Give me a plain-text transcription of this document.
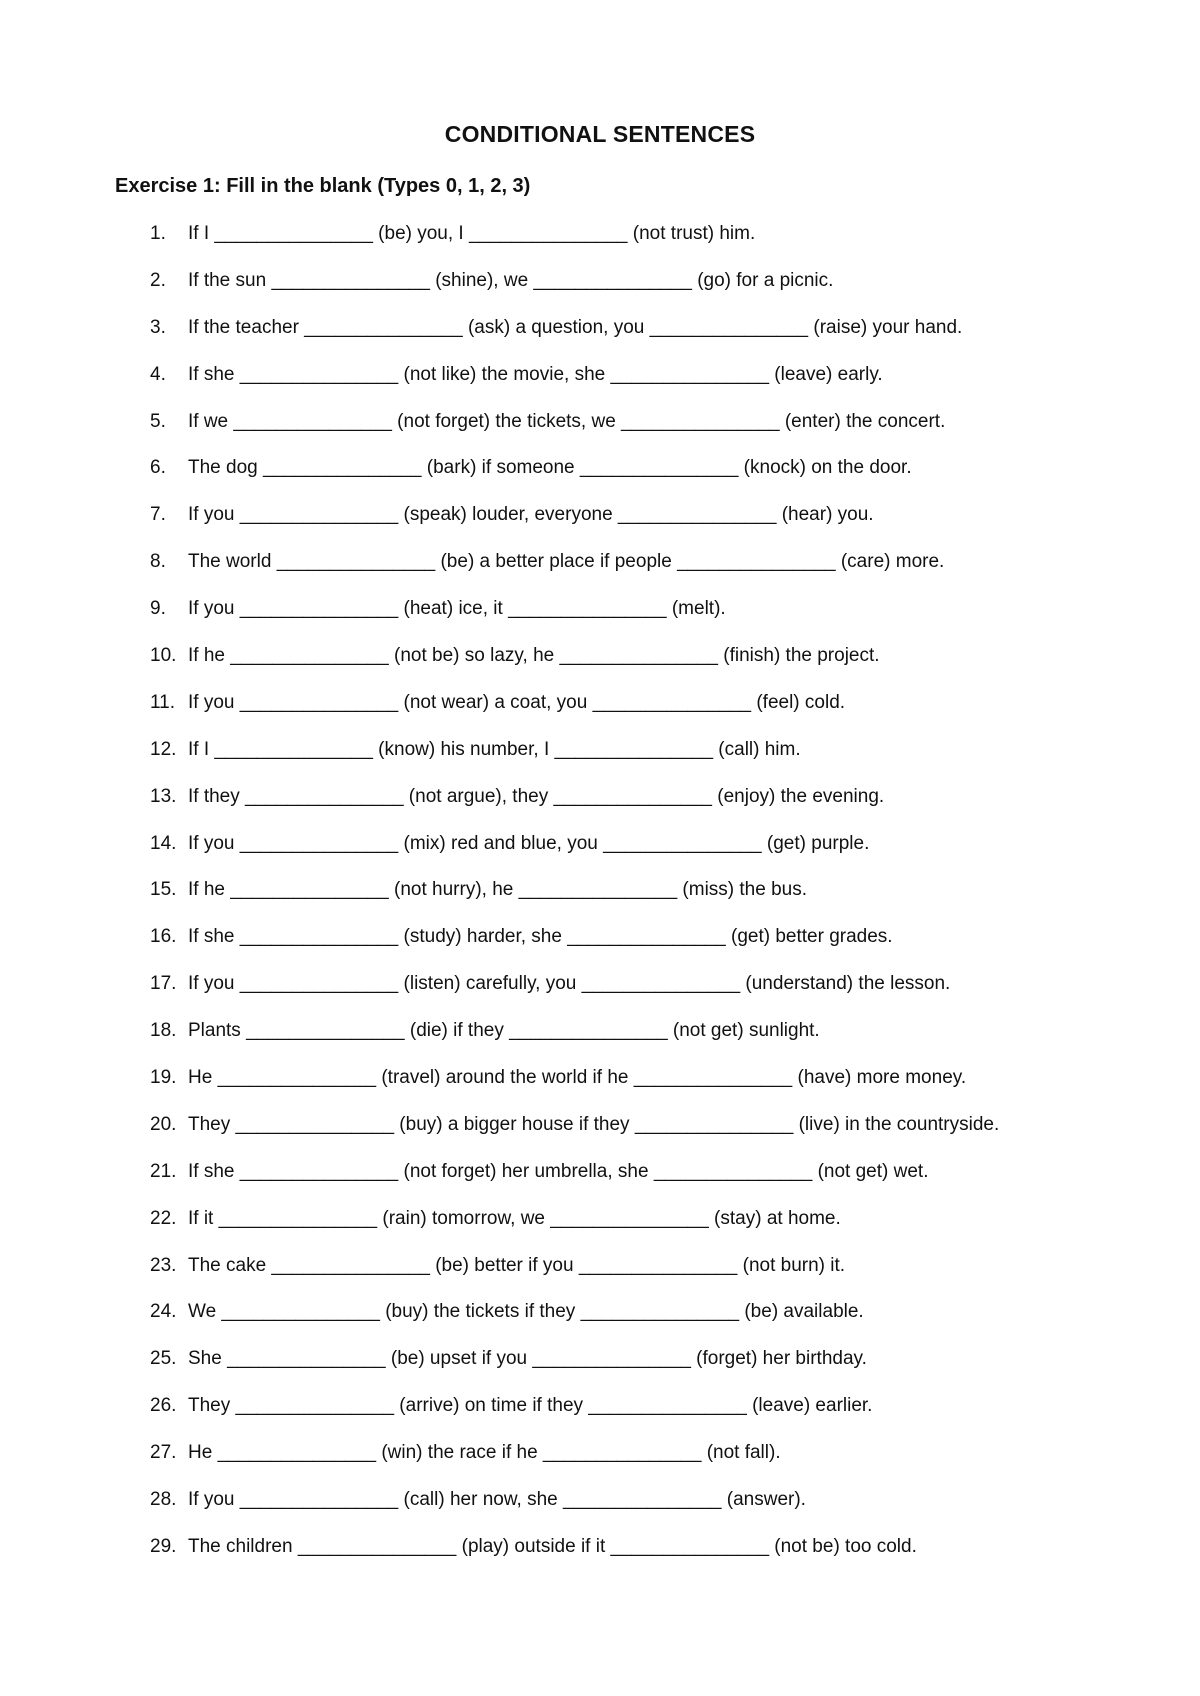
CONDITIONAL SENTENCES
Exercise 1: Fill in the blank (Types 0, 1, 2, 3)
1.	If I _______________ (be) you, I _______________ (not trust) him.
2.	If the sun _______________ (shine), we _______________ (go) for a picnic.
3.	If the teacher _______________ (ask) a question, you _______________ (raise) your hand.
4.	If she _______________ (not like) the movie, she _______________ (leave) early.
5.	If we _______________ (not forget) the tickets, we _______________ (enter) the concert.
6.	The dog _______________ (bark) if someone _______________ (knock) on the door.
7.	If you _______________ (speak) louder, everyone _______________ (hear) you.
8.	The world _______________ (be) a better place if people _______________ (care) more.
9.	If you _______________ (heat) ice, it _______________ (melt).
10. If he _______________ (not be) so lazy, he _______________ (finish) the project.
11. If you _______________ (not wear) a coat, you _______________ (feel) cold.
12. If I _______________ (know) his number, I _______________ (call) him.
13. If they _______________ (not argue), they _______________ (enjoy) the evening.
14. If you _______________ (mix) red and blue, you _______________ (get) purple.
15. If he _______________ (not hurry), he _______________ (miss) the bus.
16. If she _______________ (study) harder, she _______________ (get) better grades.
17. If you _______________ (listen) carefully, you _______________ (understand) the lesson.
18. Plants _______________ (die) if they _______________ (not get) sunlight.
19. He _______________ (travel) around the world if he _______________ (have) more money.
20. They _______________ (buy) a bigger house if they _______________ (live) in the countryside.
21. If she _______________ (not forget) her umbrella, she _______________ (not get) wet.
22. If it _______________ (rain) tomorrow, we _______________ (stay) at home.
23. The cake _______________ (be) better if you _______________ (not burn) it.
24. We _______________ (buy) the tickets if they _______________ (be) available.
25. She _______________ (be) upset if you _______________ (forget) her birthday.
26. They _______________ (arrive) on time if they _______________ (leave) earlier.
27. He _______________ (win) the race if he _______________ (not fall).
28. If you _______________ (call) her now, she _______________ (answer).
29. The children _______________ (play) outside if it _______________ (not be) too cold.
